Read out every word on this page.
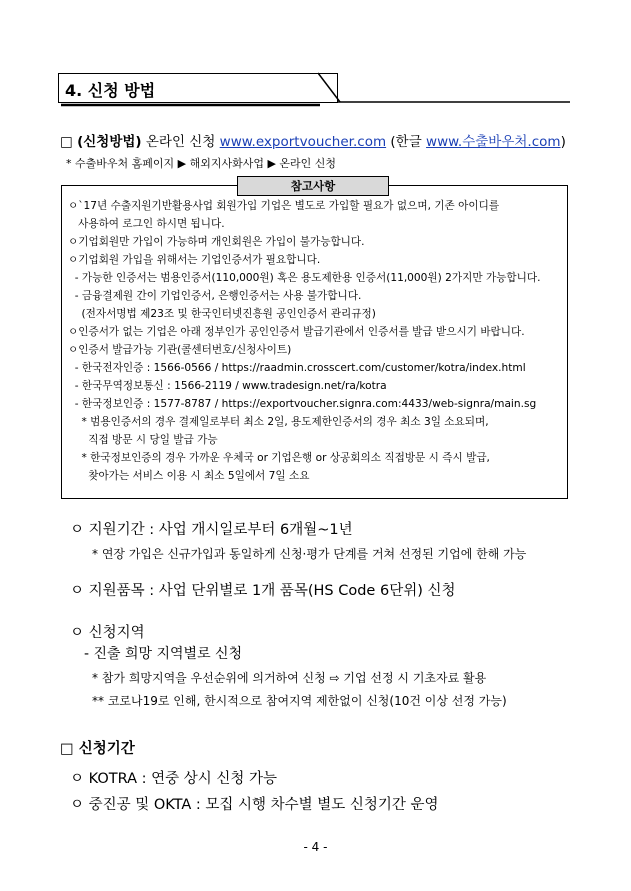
4. 신청 방법
□ (신청방법) 온라인 신청 www.exportvoucher.com (한글 www.수출바우처.com)
* 수출바우처 홈페이지 ▶ 해외지사화사업 ▶ 온라인 신청
ㅇ`17년 수출지원기반활용사업 회원가입 기업은 별도로 가입할 필요가 없으며, 기존 아이디를
사용하여 로그인 하시면 됩니다.
ㅇ기업회원만 가입이 가능하며 개인회원은 가입이 불가능합니다.
ㅇ기업회원 가입을 위해서는 기업인증서가 필요합니다.
- 가능한 인증서는 범용인증서(110,000원) 혹은 용도제한용 인증서(11,000원) 2가지만 가능합니다.
- 금융결제원 간이 기업인증서, 은행인증서는 사용 불가합니다.
(전자서명법 제23조 및 한국인터넷진흥원 공인인증서 관리규정)
ㅇ인증서가 없는 기업은 아래 정부인가 공인인증서 발급기관에서 인증서를 발급 받으시기 바랍니다.
ㅇ인증서 발급가능 기관(콜센터번호/신청사이트)
- 한국전자인증 : 1566-0566 / https://raadmin.crosscert.com/customer/kotra/index.html
- 한국무역정보통신 : 1566-2119 / www.tradesign.net/ra/kotra
- 한국정보인증 : 1577-8787 / https://exportvoucher.signra.com:4433/web-signra/main.sg
* 범용인증서의 경우 결제일로부터 최소 2일, 용도제한인증서의 경우 최소 3일 소요되며,
직접 방문 시 당일 발급 가능
* 한국정보인증의 경우 가까운 우체국 or 기업은행 or 상공회의소 직접방문 시 즉시 발급,
찾아가는 서비스 이용 시 최소 5일에서 7일 소요
참고사항
ㅇ 지원기간 : 사업 개시일로부터 6개월~1년
* 연장 가입은 신규가입과 동일하게 신청·평가 단계를 거쳐 선정된 기업에 한해 가능
ㅇ 지원품목 : 사업 단위별로 1개 품목(HS Code 6단위) 신청
ㅇ 신청지역
- 진출 희망 지역별로 신청
* 참가 희망지역을 우선순위에 의거하여 신청 ⇨ 기업 선정 시 기초자료 활용
** 코로나19로 인해, 한시적으로 참여지역 제한없이 신청(10건 이상 선정 가능)
□ 신청기간
ㅇ KOTRA : 연중 상시 신청 가능
ㅇ 중진공 및 OKTA : 모집 시행 차수별 별도 신청기간 운영
- 4 -
